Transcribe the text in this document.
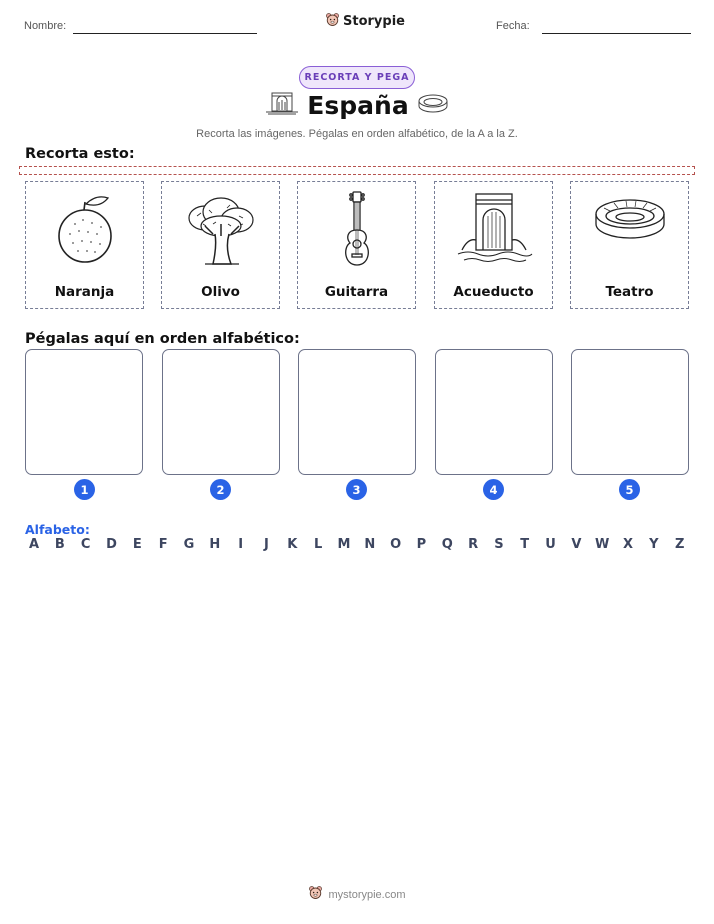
Nombre:	Storypie	Fecha:
RECORTA Y PEGA
España
Recorta las imágenes. Pégalas en orden alfabético, de la A a la Z.
Recorta esto:
Naranja	Olivo	Guitarra	Acueducto	Teatro
Pégalas aquí en orden alfabético:
1	2	3	4	5
Alfabeto:
A	B	C	D	E	F	G H	I	J	K	L	M N O	P	Q	R	S	T	U	V	W	X	Y	Z
mystorypie.com
